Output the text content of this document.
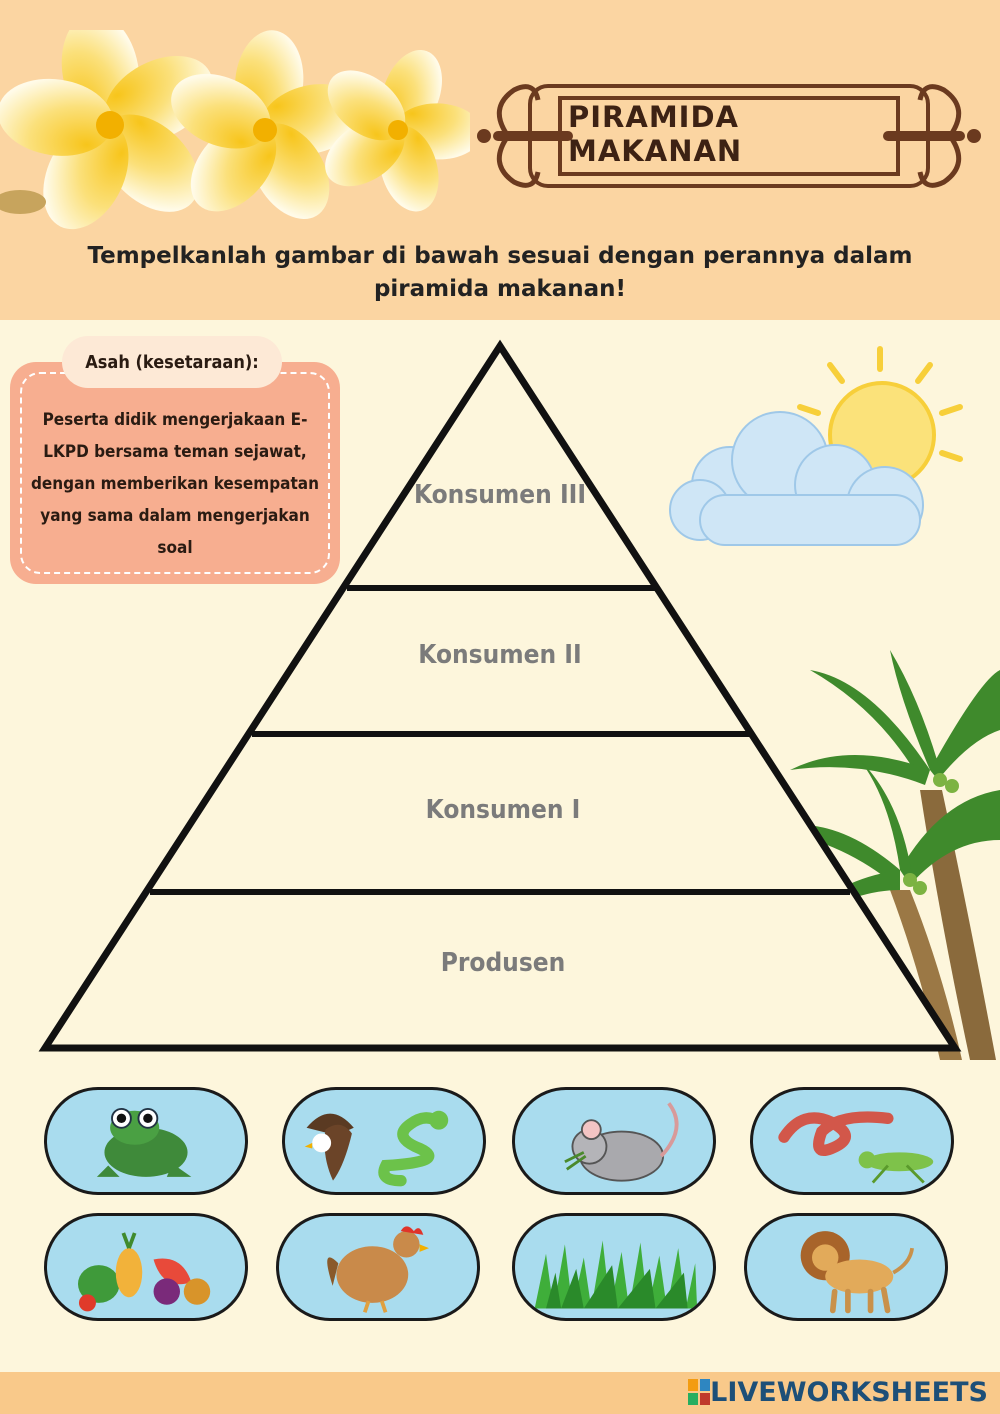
PIRAMIDA MAKANAN
Tempelkanlah gambar di bawah sesuai dengan perannya dalam piramida makanan!
Peserta didik mengerjakaan E-LKPD bersama teman sejawat, dengan memberikan kesempatan yang sama dalam mengerjakan soal
Asah (kesetaraan):
Konsumen III
Konsumen II
Konsumen I
Produsen
LIVEWORKSHEETS
